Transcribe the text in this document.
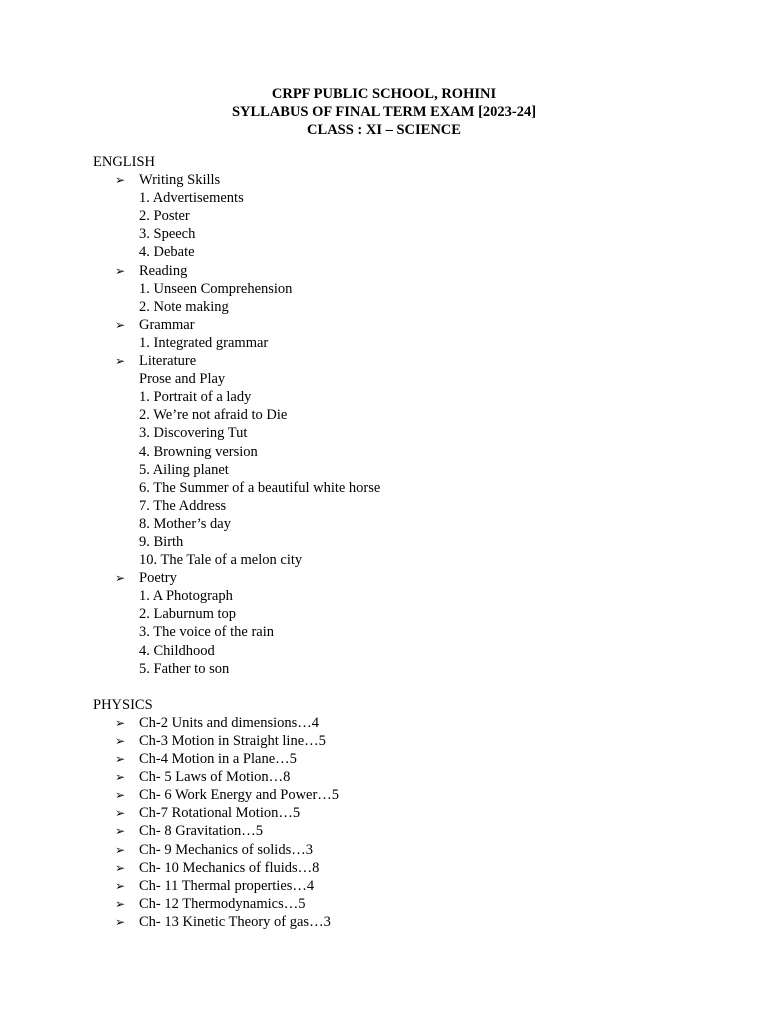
CRPF PUBLIC SCHOOL, ROHINI
SYLLABUS OF FINAL TERM EXAM [2023-24]
CLASS : XI – SCIENCE
ENGLISH
➢ Writing Skills
1. Advertisements
2. Poster
3. Speech
4. Debate
➢ Reading
1. Unseen Comprehension
2. Note making
➢ Grammar
1. Integrated grammar
➢ Literature
Prose and Play
1. Portrait of a lady
2. We’re not afraid to Die
3. Discovering Tut
4. Browning version
5. Ailing planet
6. The Summer of a beautiful white horse
7. The Address
8. Mother’s day
9. Birth
10. The Tale of a melon city
➢ Poetry
1. A Photograph
2. Laburnum top
3. The voice of the rain
4. Childhood
5. Father to son
PHYSICS
➢ Ch-2 Units and dimensions…4
➢ Ch-3 Motion in Straight line…5
➢ Ch-4 Motion in a Plane…5
➢ Ch- 5 Laws of Motion…8
➢ Ch- 6 Work Energy and Power…5
➢ Ch-7 Rotational Motion…5
➢ Ch- 8 Gravitation…5
➢ Ch- 9 Mechanics of solids…3
➢ Ch- 10 Mechanics of fluids…8
➢ Ch- 11 Thermal properties…4
➢ Ch- 12 Thermodynamics…5
➢ Ch- 13 Kinetic Theory of gas…3
